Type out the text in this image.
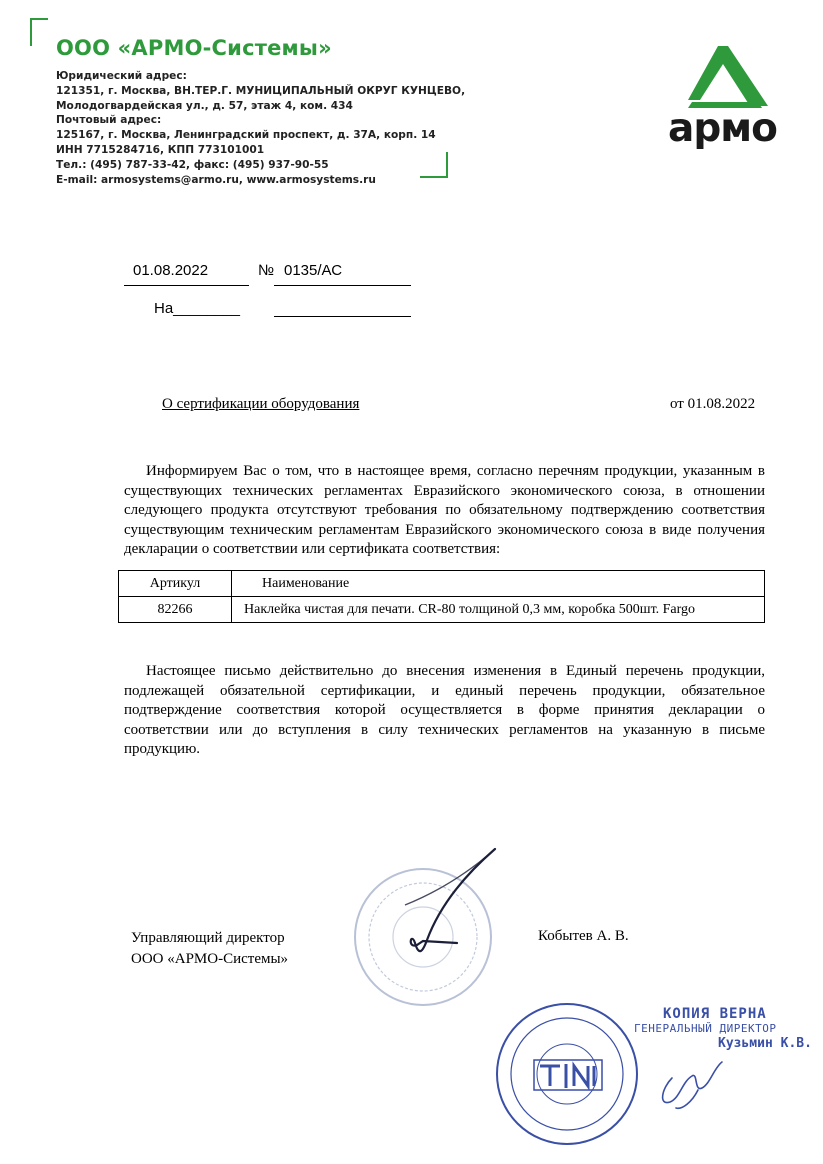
ООО «АРМО-Системы»
Юридический адрес:
121351, г. Москва, ВН.ТЕР.Г. МУНИЦИПАЛЬНЫЙ ОКРУГ КУНЦЕВО,
Молодогвардейская ул., д. 57, этаж 4, ком. 434
Почтовый адрес:
125167, г. Москва, Ленинградский проспект, д. 37А, корп. 14
ИНН 7715284716, КПП 773101001
Тел.: (495) 787-33-42, факс: (495) 937-90-55
E-mail: armosystems@armo.ru, www.armosystems.ru
армо
01.08.2022	№ 0135/АС
На________
О сертификации оборудования	от 01.08.2022
Информируем Вас о том, что в настоящее время, согласно перечням продукции, указанным в существующих технических регламентах Евразийского экономического союза, в отношении следующего продукта отсутствуют требования по обязательному подтверждению соответствия существующим техническим регламентам Евразийского экономического союза в виде получения декларации о соответствии или сертификата соответствия:
Артикул	Наименование
82266	Наклейка чистая для печати. CR-80 толщиной 0,3 мм, коробка 500шт. Fargo
Настоящее письмо действительно до внесения изменения в Единый перечень продукции, подлежащей обязательной сертификации, и единый перечень продукции, обязательное подтверждение соответствия которой осуществляется в форме принятия декларации о соответствии или до вступления в силу технических регламентов на указанную в письме продукцию.
Управляющий директор
ООО «АРМО-Системы»
Кобытев А. В.
КОПИЯ ВЕРНА
ГЕНЕРАЛЬНЫЙ ДИРЕКТОР
Кузьмин К.В.
